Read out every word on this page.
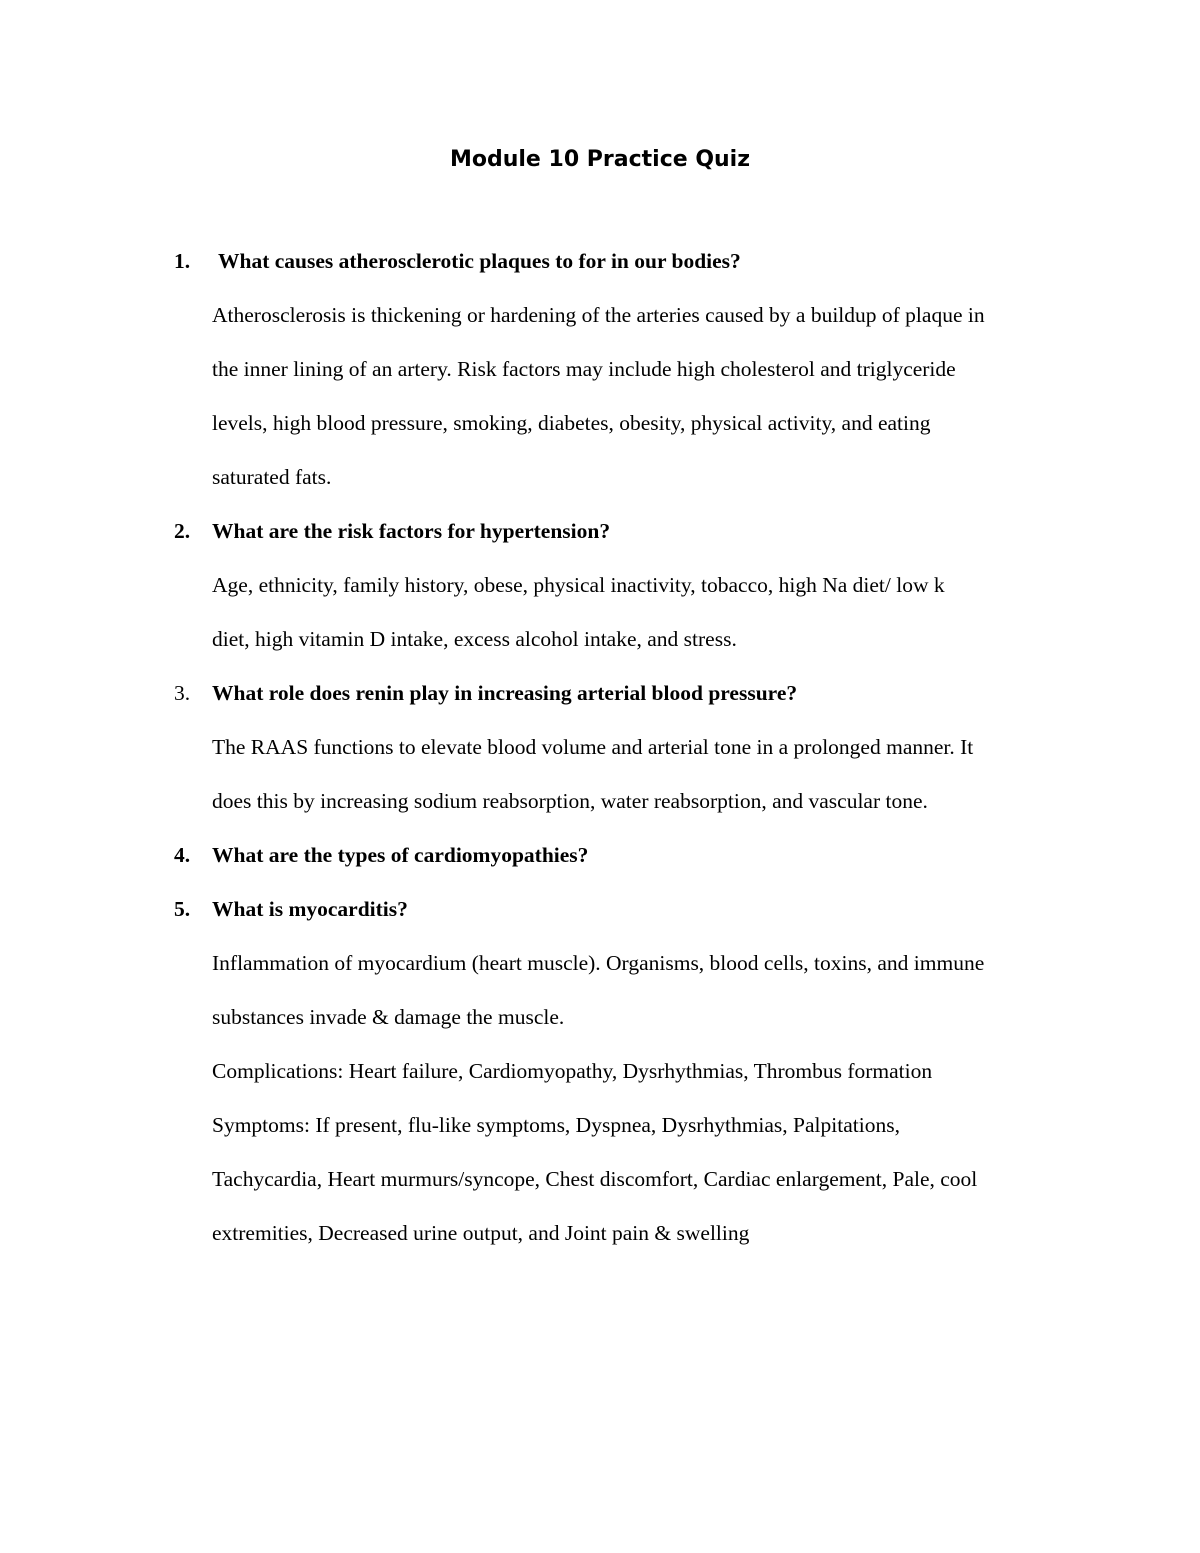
Module 10 Practice Quiz
1. What causes atherosclerotic plaques to for in our bodies?
Atherosclerosis is thickening or hardening of the arteries caused by a buildup of plaque in
the inner lining of an artery. Risk factors may include high cholesterol and triglyceride
levels, high blood pressure, smoking, diabetes, obesity, physical activity, and eating
saturated fats.
2. What are the risk factors for hypertension?
Age, ethnicity, family history, obese, physical inactivity, tobacco, high Na diet/ low k
diet, high vitamin D intake, excess alcohol intake, and stress.
3. What role does renin play in increasing arterial blood pressure?
The RAAS functions to elevate blood volume and arterial tone in a prolonged manner. It
does this by increasing sodium reabsorption, water reabsorption, and vascular tone.
4. What are the types of cardiomyopathies?
5. What is myocarditis?
Inflammation of myocardium (heart muscle). Organisms, blood cells, toxins, and immune
substances invade & damage the muscle.
Complications: Heart failure, Cardiomyopathy, Dysrhythmias, Thrombus formation
Symptoms: If present, flu-like symptoms, Dyspnea, Dysrhythmias, Palpitations,
Tachycardia, Heart murmurs/syncope, Chest discomfort, Cardiac enlargement, Pale, cool
extremities, Decreased urine output, and Joint pain & swelling
